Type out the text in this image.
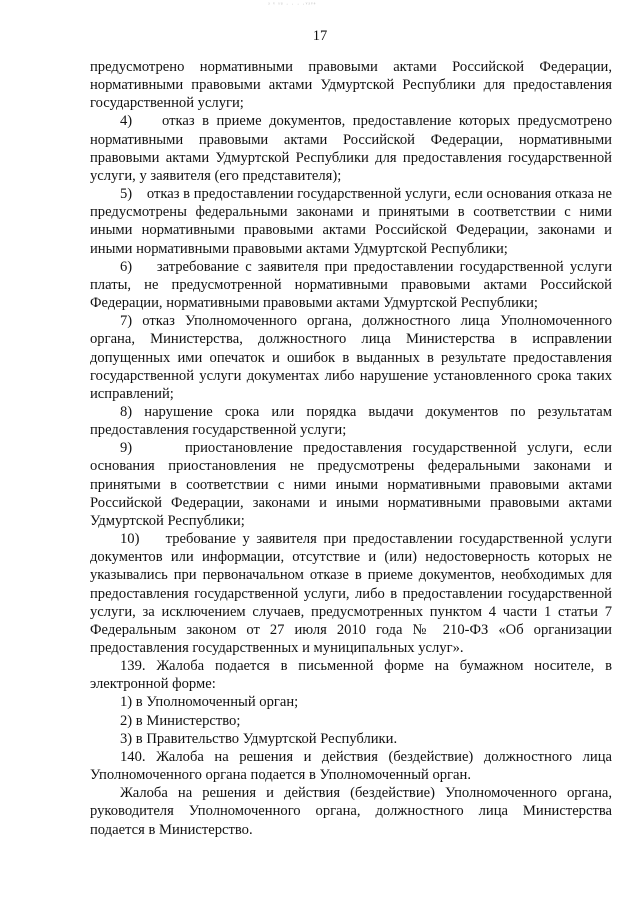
ᵃ ᵛ ˢᵘ · · · ·ᵛᵃᵛᵉ
17

предусмотрено нормативными правовыми актами Российской Федерации, нормативными правовыми актами Удмуртской Республики для предоставления государственной услуги;

4)    отказ в приеме документов, предоставление которых предусмотрено нормативными правовыми актами Российской Федерации, нормативными правовыми актами Удмуртской Республики для предоставления государственной услуги, у заявителя (его представителя);

5)    отказ в предоставлении государственной услуги, если основания отказа не предусмотрены федеральными законами и принятыми в соответствии с ними иными нормативными правовыми актами Российской Федерации, законами и иными нормативными правовыми актами Удмуртской Республики;

6)    затребование с заявителя при предоставлении государственной услуги платы, не предусмотренной нормативными правовыми актами Российской Федерации, нормативными правовыми актами Удмуртской Республики;

7) отказ Уполномоченного органа, должностного лица Уполномоченного органа, Министерства, должностного лица Министерства в исправлении допущенных ими опечаток и ошибок в выданных в результате предоставления государственной услуги документах либо нарушение установленного срока таких исправлений;

8) нарушение срока или порядка выдачи документов по результатам предоставления государственной услуги;

9)     приостановление предоставления государственной услуги, если основания приостановления не предусмотрены федеральными законами и принятыми в соответствии с ними иными нормативными правовыми актами Российской Федерации, законами и иными нормативными правовыми актами Удмуртской Республики;

10)    требование у заявителя при предоставлении государственной услуги документов или информации, отсутствие и (или) недостоверность которых не указывались при первоначальном отказе в приеме документов, необходимых для предоставления государственной услуги, либо в предоставлении государственной услуги, за исключением случаев, предусмотренных пунктом 4 части 1 статьи 7 Федеральным законом от 27 июля 2010 года № 210-ФЗ «Об организации предоставления государственных и муниципальных услуг».

139. Жалоба подается в письменной форме на бумажном носителе, в электронной форме:

1) в Уполномоченный орган;

2) в Министерство;

3) в Правительство Удмуртской Республики.

140. Жалоба на решения и действия (бездействие) должностного лица Уполномоченного органа подается в Уполномоченный орган.

Жалоба на решения и действия (бездействие) Уполномоченного органа, руководителя Уполномоченного органа, должностного лица Министерства подается в Министерство.
